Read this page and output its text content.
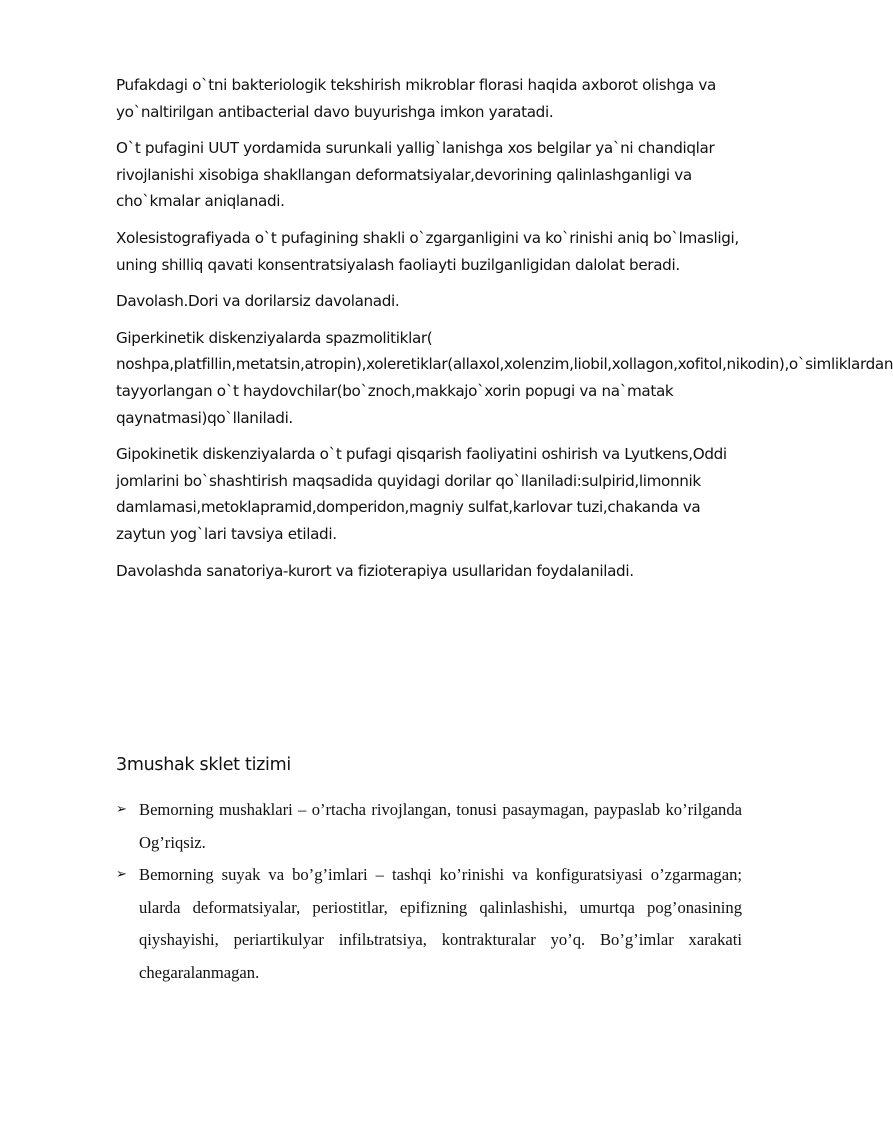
Pufakdagi o`tni bakteriologik tekshirish mikroblar florasi haqida axborot olishga va yo`naltirilgan antibacterial davo buyurishga imkon yaratadi.

O`t pufagini UUT yordamida surunkali yallig`lanishga xos belgilar ya`ni chandiqlar rivojlanishi xisobiga shakllangan deformatsiyalar,devorining qalinlashganligi va cho`kmalar aniqlanadi.

Xolesistografiyada o`t pufagining shakli o`zgarganligini va ko`rinishi aniq bo`lmasligi, uning shilliq qavati konsentratsiyalash faoliayti buzilganligidan dalolat beradi.

Davolash.Dori va dorilarsiz davolanadi.

Giperkinetik diskenziyalarda spazmolitiklar( noshpa,platfillin,metatsin,atropin),xoleretiklar(allaxol,xolenzim,liobil,xollagon,xofitol,nikodin),o`simliklardan tayyorlangan o`t haydovchilar(bo`znoch,makkajo`xorin popugi va na`matak qaynatmasi)qo`llaniladi.

Gipokinetik diskenziyalarda o`t pufagi qisqarish faoliyatini oshirish va Lyutkens,Oddi jomlarini bo`shashtirish maqsadida quyidagi dorilar qo`llaniladi:sulpirid,limonnik damlamasi,metoklapramid,domperidon,magniy sulfat,karlovar tuzi,chakanda va zaytun yog`lari tavsiya etiladi.

Davolashda sanatoriya-kurort va fizioterapiya usullaridan foydalaniladi.

3mushak sklet tizimi
➢ Bemorning mushaklari – o’rtacha rivojlangan, tonusi pasaymagan, paypaslab ko’rilganda Og’riqsiz.
➢ Bemorning suyak va bo’g’imlari – tashqi ko’rinishi va konfiguratsiyasi o’zgarmagan; ularda deformatsiyalar, periostitlar, epifizning qalinlashishi, umurtqa pog’onasining qiyshayishi, periartikulyar infilьtratsiya, kontrakturalar yo’q. Bo’g’imlar xarakati chegaralanmagan.
